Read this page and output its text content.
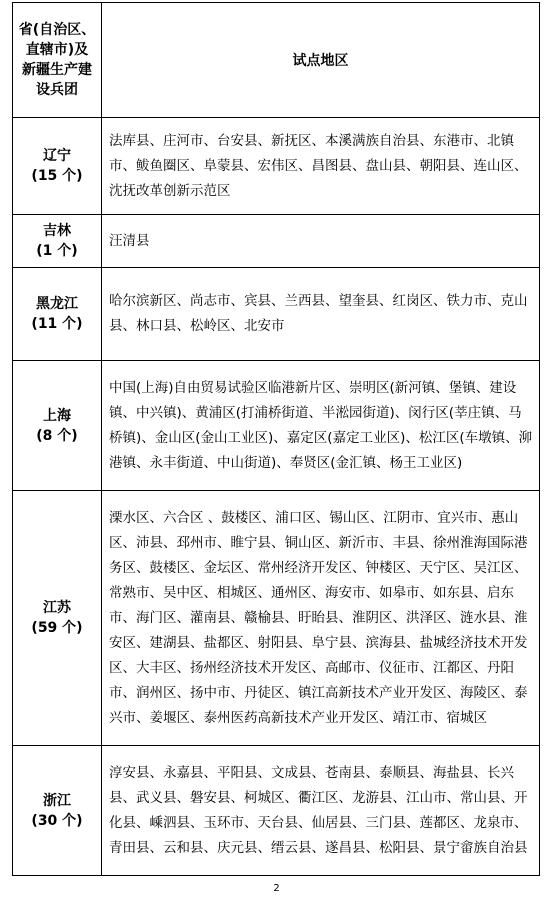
省(自治区、
直辖市)及
新疆生产建
设兵团	试点地区

辽宁
(15 个)	法库县、庄河市、台安县、新抚区、本溪满族自治县、东港市、北镇市、鲅鱼圈区、阜蒙县、宏伟区、昌图县、盘山县、朝阳县、连山区、沈抚改革创新示范区

吉林
(1 个)	汪清县

黑龙江
(11 个)	哈尔滨新区、尚志市、宾县、兰西县、望奎县、红岗区、铁力市、克山县、林口县、松岭区、北安市

上海
(8 个)	中国(上海)自由贸易试验区临港新片区、崇明区(新河镇、堡镇、建设镇、中兴镇)、黄浦区(打浦桥街道、半淞园街道)、闵行区(莘庄镇、马桥镇)、金山区(金山工业区)、嘉定区(嘉定工业区)、松江区(车墩镇、泖港镇、永丰街道、中山街道)、奉贤区(金汇镇、杨王工业区)

江苏
(59 个)	溧水区、六合区 、鼓楼区、浦口区、锡山区、江阴市、宜兴市、惠山区、沛县、邳州市、睢宁县、铜山区、新沂市、丰县、徐州淮海国际港务区、鼓楼区、金坛区、常州经济开发区、钟楼区、天宁区、吴江区、常熟市、吴中区、相城区、通州区、海安市、如皋市、如东县、启东市、海门区、灌南县、赣榆县、盱眙县、淮阴区、洪泽区、涟水县、淮安区、建湖县、盐都区、射阳县、阜宁县、滨海县、盐城经济技术开发区、大丰区、扬州经济技术开发区、高邮市、仪征市、江都区、丹阳市、润州区、扬中市、丹徒区、镇江高新技术产业开发区、海陵区、泰兴市、姜堰区、泰州医药高新技术产业开发区、靖江市、宿城区

浙江
(30 个)	淳安县、永嘉县、平阳县、文成县、苍南县、泰顺县、海盐县、长兴县、武义县、磐安县、柯城区、衢江区、龙游县、江山市、常山县、开化县、嵊泗县、玉环市、天台县、仙居县、三门县、莲都区、龙泉市、青田县、云和县、庆元县、缙云县、遂昌县、松阳县、景宁畲族自治县
2
